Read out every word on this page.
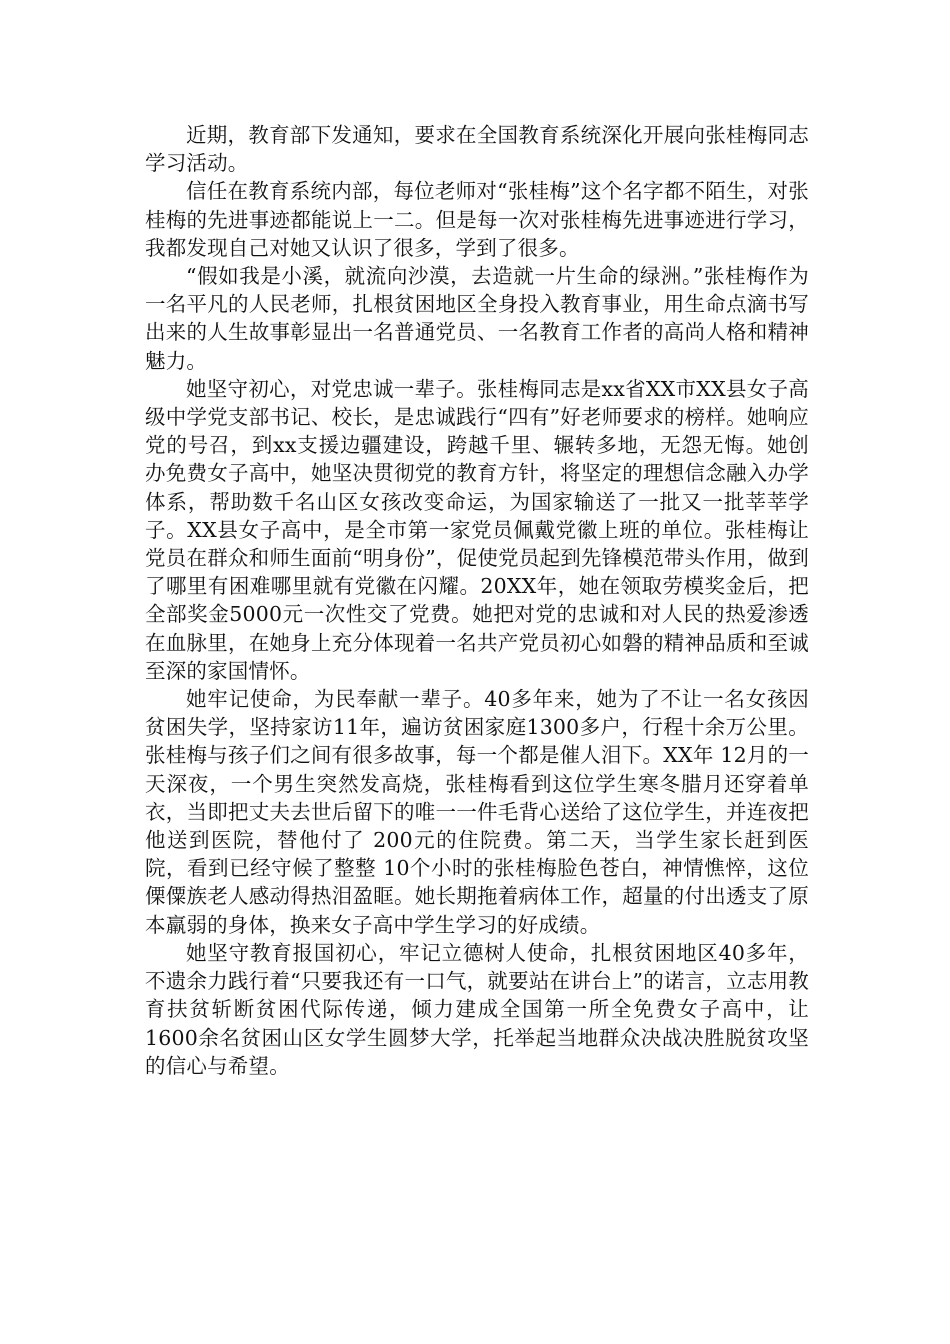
近期，教育部下发通知，要求在全国教育系统深化开展向张桂梅同志学习活动。

信任在教育系统内部，每位老师对“张桂梅”这个名字都不陌生，对张桂梅的先进事迹都能说上一二。但是每一次对张桂梅先进事迹进行学习，我都发现自己对她又认识了很多，学到了很多。

“假如我是小溪，就流向沙漠，去造就一片生命的绿洲。”张桂梅作为一名平凡的人民老师，扎根贫困地区全身投入教育事业，用生命点滴书写出来的人生故事彰显出一名普通党员、一名教育工作者的高尚人格和精神魅力。

她坚守初心，对党忠诚一辈子。张桂梅同志是xx省XX市XX县女子高级中学党支部书记、校长，是忠诚践行“四有”好老师要求的榜样。她响应党的号召，到xx支援边疆建设，跨越千里、辗转多地，无怨无悔。她创办免费女子高中，她坚决贯彻党的教育方针，将坚定的理想信念融入办学体系，帮助数千名山区女孩改变命运，为国家输送了一批又一批莘莘学子。XX县女子高中，是全市第一家党员佩戴党徽上班的单位。张桂梅让党员在群众和师生面前“明身份”，促使党员起到先锋模范带头作用，做到了哪里有困难哪里就有党徽在闪耀。20XX年，她在领取劳模奖金后，把全部奖金5000元一次性交了党费。她把对党的忠诚和对人民的热爱渗透在血脉里，在她身上充分体现着一名共产党员初心如磐的精神品质和至诚至深的家国情怀。

她牢记使命，为民奉献一辈子。40多年来，她为了不让一名女孩因贫困失学，坚持家访11年，遍访贫困家庭1300多户，行程十余万公里。张桂梅与孩子们之间有很多故事，每一个都是催人泪下。XX年 12月的一天深夜，一个男生突然发高烧，张桂梅看到这位学生寒冬腊月还穿着单衣，当即把丈夫去世后留下的唯一一件毛背心送给了这位学生，并连夜把他送到医院，替他付了 200元的住院费。第二天，当学生家长赶到医院，看到已经守候了整整 10个小时的张桂梅脸色苍白，神情憔悴，这位傈僳族老人感动得热泪盈眶。她长期拖着病体工作，超量的付出透支了原本羸弱的身体，换来女子高中学生学习的好成绩。

她坚守教育报国初心，牢记立德树人使命，扎根贫困地区40多年，不遗余力践行着“只要我还有一口气，就要站在讲台上”的诺言，立志用教育扶贫斩断贫困代际传递，倾力建成全国第一所全免费女子高中，让1600余名贫困山区女学生圆梦大学，托举起当地群众决战决胜脱贫攻坚的信心与希望。
